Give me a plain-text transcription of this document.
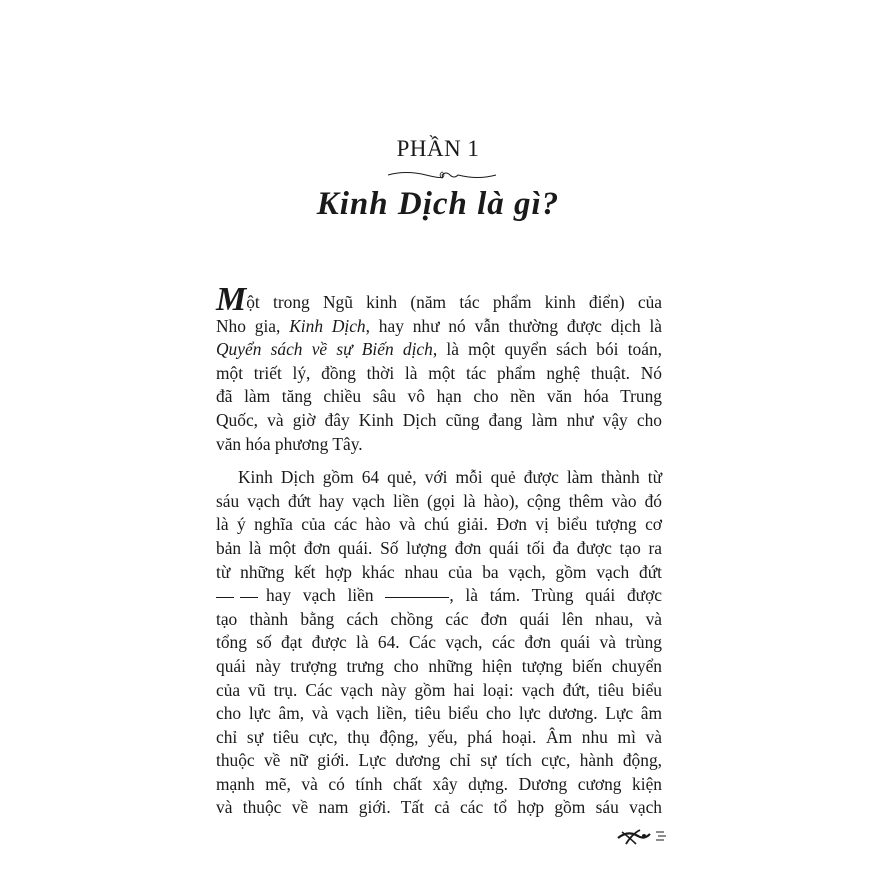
PHẦN 1
Kinh Dịch là gì?
Một trong Ngũ kinh (năm tác phẩm kinh điển) của
Nho gia, Kinh Dịch, hay như nó vẫn thường được dịch là
Quyển sách về sự Biến dịch, là một quyển sách bói toán,
một triết lý, đồng thời là một tác phẩm nghệ thuật. Nó
đã làm tăng chiều sâu vô hạn cho nền văn hóa Trung
Quốc, và giờ đây Kinh Dịch cũng đang làm như vậy cho
văn hóa phương Tây.
Kinh Dịch gồm 64 quẻ, với mỗi quẻ được làm thành từ
sáu vạch đứt hay vạch liền (gọi là hào), cộng thêm vào đó
là ý nghĩa của các hào và chú giải. Đơn vị biểu tượng cơ
bản là một đơn quái. Số lượng đơn quái tối đa được tạo ra
từ những kết hợp khác nhau của ba vạch, gồm vạch đứt
hay vạch liền	, là tám. Trùng quái được
tạo thành bằng cách chồng các đơn quái lên nhau, và
tổng số đạt được là 64. Các vạch, các đơn quái và trùng
quái này trượng trưng cho những hiện tượng biến chuyển
của vũ trụ. Các vạch này gồm hai loại: vạch đứt, tiêu biểu
cho lực âm, và vạch liền, tiêu biểu cho lực dương. Lực âm
chỉ sự tiêu cực, thụ động, yếu, phá hoại. Âm nhu mì và
thuộc về nữ giới. Lực dương chỉ sự tích cực, hành động,
mạnh mẽ, và có tính chất xây dựng. Dương cương kiện
và thuộc về nam giới. Tất cả các tổ hợp gồm sáu vạch
